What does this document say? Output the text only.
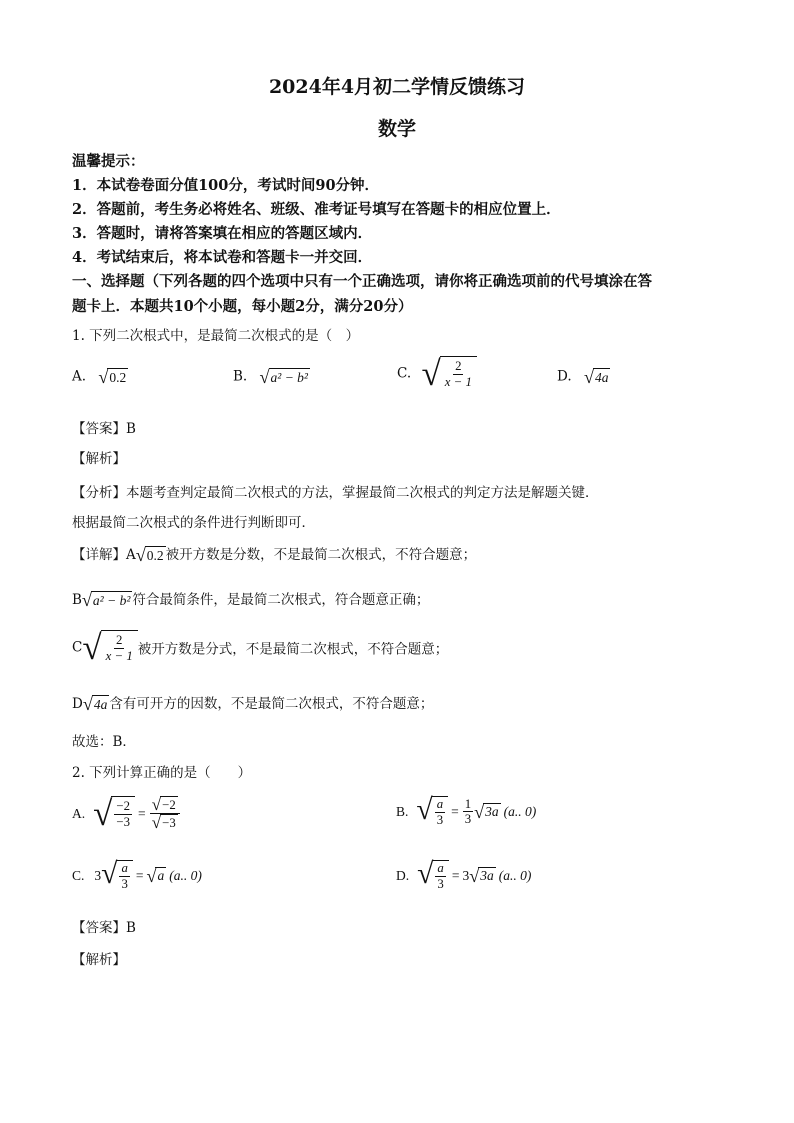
2024年4月初二学情反馈练习
数学
温馨提示：
1．本试卷卷面分值100分，考试时间90分钟．
2．答题前，考生务必将姓名、班级、准考证号填写在答题卡的相应位置上．
3．答题时，请将答案填在相应的答题区域内．
4．考试结束后，将本试卷和答题卡一并交回．
一、选择题（下列各题的四个选项中只有一个正确选项，请你将正确选项前的代号填涂在答
题卡上．本题共10个小题，每小题2分，满分20分）
1. 下列二次根式中，是最简二次根式的是（　）
A. √ 0.2	B. √ a² − b²	C. √ $\frac{2}{x - 1}$	D. √ 4a
【答案】B
【解析】
【分析】本题考查判定最简二次根式的方法，掌握最简二次根式的判定方法是解题关键．
根据最简二次根式的条件进行判断即可．
【详解】A √ 0.2 被开方数是分数，不是最简二次根式，不符合题意；
B √ a² − b² 符合最简条件，是最简二次根式，符合题意正确；
C √ $\frac{2}{x - 1}$ 被开方数是分式，不是最简二次根式，不符合题意；
D √ 4a 含有可开方的因数，不是最简二次根式，不符合题意；
故选：B．
2. 下列计算正确的是（　　）
A. √ $\frac{-2}{-3} = \frac{√ -2}{√ -3}$	B. √ $\frac{a}{3} = \frac{1}{3}$ √ 3a (a.. 0)
C. 3 √ $\frac{a}{3}$ = √ a (a.. 0)	D. √ $\frac{a}{3} = 3$ √ 3a (a.. 0)
【答案】B
【解析】
